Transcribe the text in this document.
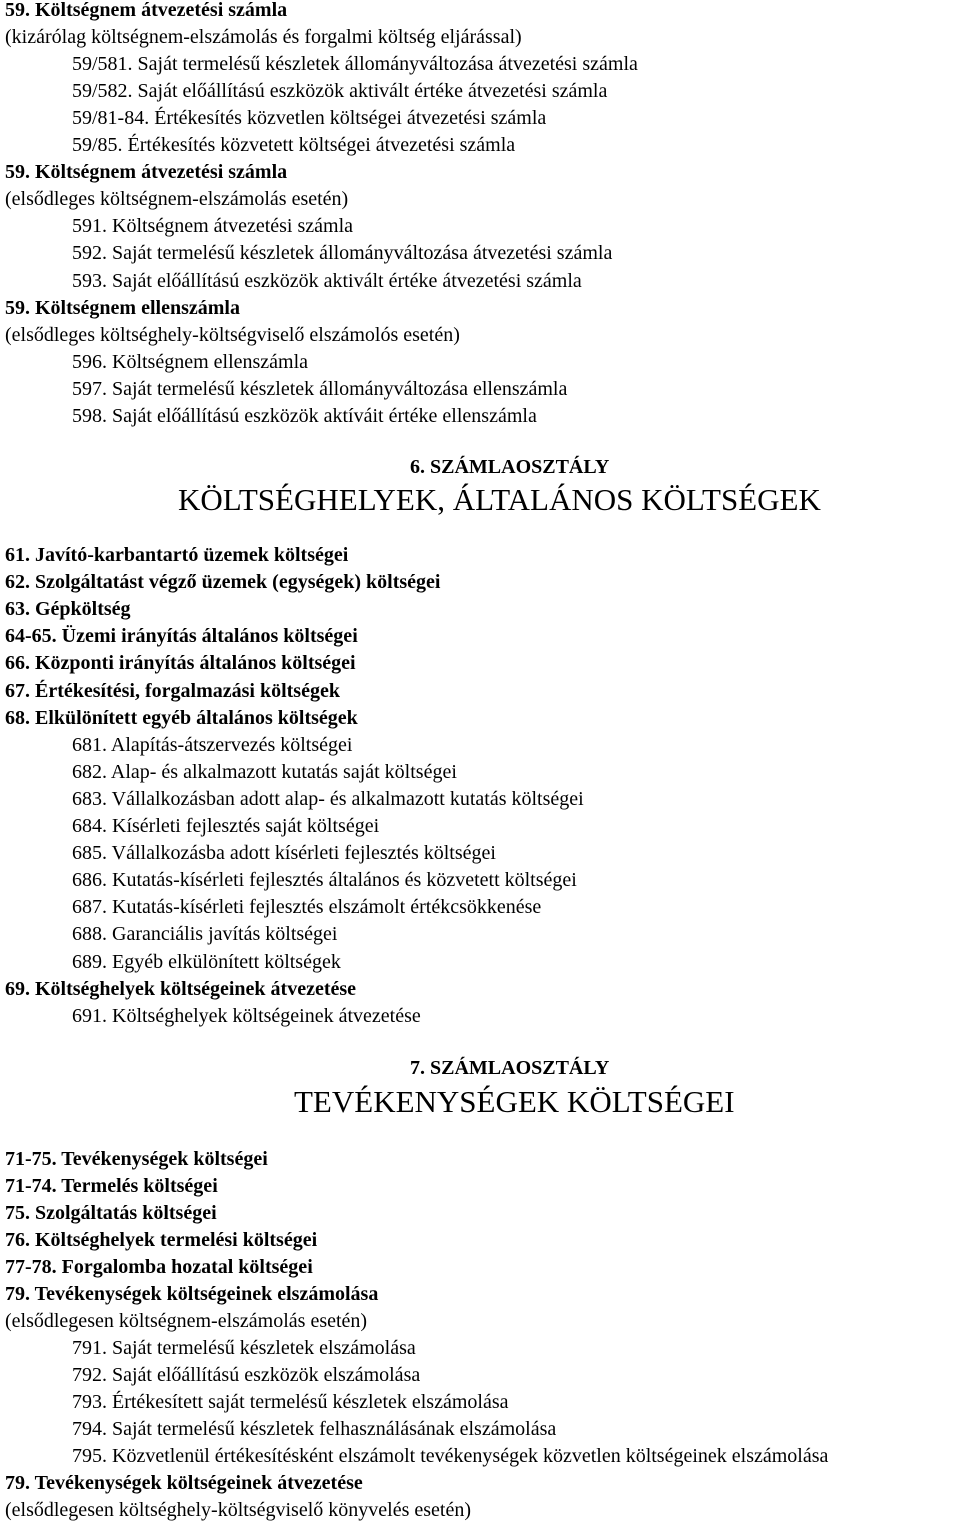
59. Költségnem átvezetési számla
(kizárólag költségnem-elszámolás és forgalmi költség eljárással)
59/581. Saját termelésű készletek állományváltozása átvezetési számla
59/582. Saját előállítású eszközök aktivált értéke átvezetési számla
59/81-84. Értékesítés közvetlen költségei átvezetési számla
59/85. Értékesítés közvetett költségei átvezetési számla
59. Költségnem átvezetési számla
(elsődleges költségnem-elszámolás esetén)
591. Költségnem átvezetési számla
592. Saját termelésű készletek állományváltozása átvezetési számla
593. Saját előállítású eszközök aktivált értéke átvezetési számla
59. Költségnem ellenszámla
(elsődleges költséghely-költségviselő elszámolós esetén)
596. Költségnem ellenszámla
597. Saját termelésű készletek állományváltozása ellenszámla
598. Saját előállítású eszközök aktíváit értéke ellenszámla
6. SZÁMLAOSZTÁLY
KÖLTSÉGHELYEK, ÁLTALÁNOS KÖLTSÉGEK
61. Javító-karbantartó üzemek költségei
62. Szolgáltatást végző üzemek (egységek) költségei
63. Gépköltség
64-65. Üzemi irányítás általános költségei
66. Központi irányítás általános költségei
67. Értékesítési, forgalmazási költségek
68. Elkülönített egyéb általános költségek
681. Alapítás-átszervezés költségei
682. Alap- és alkalmazott kutatás saját költségei
683. Vállalkozásban adott alap- és alkalmazott kutatás költségei
684. Kísérleti fejlesztés saját költségei
685. Vállalkozásba adott kísérleti fejlesztés költségei
686. Kutatás-kísérleti fejlesztés általános és közvetett költségei
687. Kutatás-kísérleti fejlesztés elszámolt értékcsökkenése
688. Garanciális javítás költségei
689. Egyéb elkülönített költségek
69. Költséghelyek költségeinek átvezetése
691. Költséghelyek költségeinek átvezetése
7. SZÁMLAOSZTÁLY
TEVÉKENYSÉGEK KÖLTSÉGEI
71-75. Tevékenységek költségei
71-74. Termelés költségei
75. Szolgáltatás költségei
76. Költséghelyek termelési költségei
77-78. Forgalomba hozatal költségei
79. Tevékenységek költségeinek elszámolása
(elsődlegesen költségnem-elszámolás esetén)
791. Saját termelésű készletek elszámolása
792. Saját előállítású eszközök elszámolása
793. Értékesített saját termelésű készletek elszámolása
794. Saját termelésű készletek felhasználásának elszámolása
795. Közvetlenül értékesítésként elszámolt tevékenységek közvetlen költségeinek elszámolása
79. Tevékenységek költségeinek átvezetése
(elsődlegesen költséghely-költségviselő könyvelés esetén)
